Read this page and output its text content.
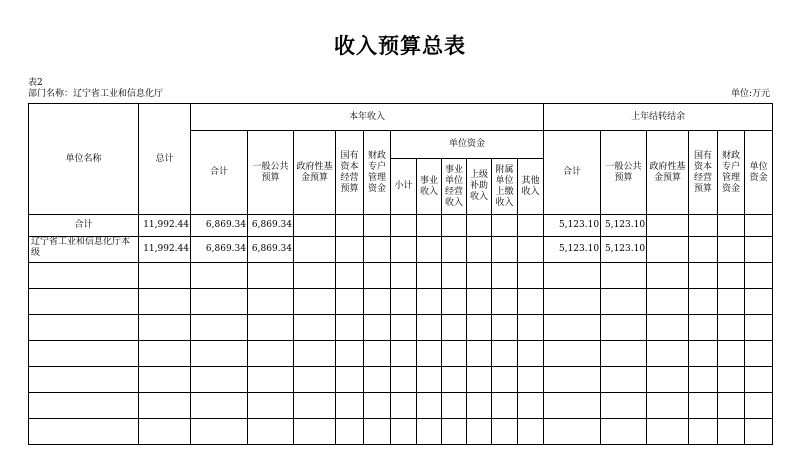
收入预算总表
表2
部门名称：辽宁省工业和信息化厅	单位:万元
单位名称	总计	本年收入											上年结转结余					
		合计	一般公共预算	政府性基金预算	国有资本经营预算	财政专户管理资金	单位资金						合计	一般公共预算	政府性基金预算	国有资本经营预算	财政专户管理资金	单位资金
							小计	事业收入	事业单位经营收入	上级补助收入	附属单位上缴收入	其他收入						
合计	11,992.44	6,869.34	6,869.34										5,123.10	5,123.10				
辽宁省工业和信息化厅本级	11,992.44	6,869.34	6,869.34										5,123.10	5,123.10				
